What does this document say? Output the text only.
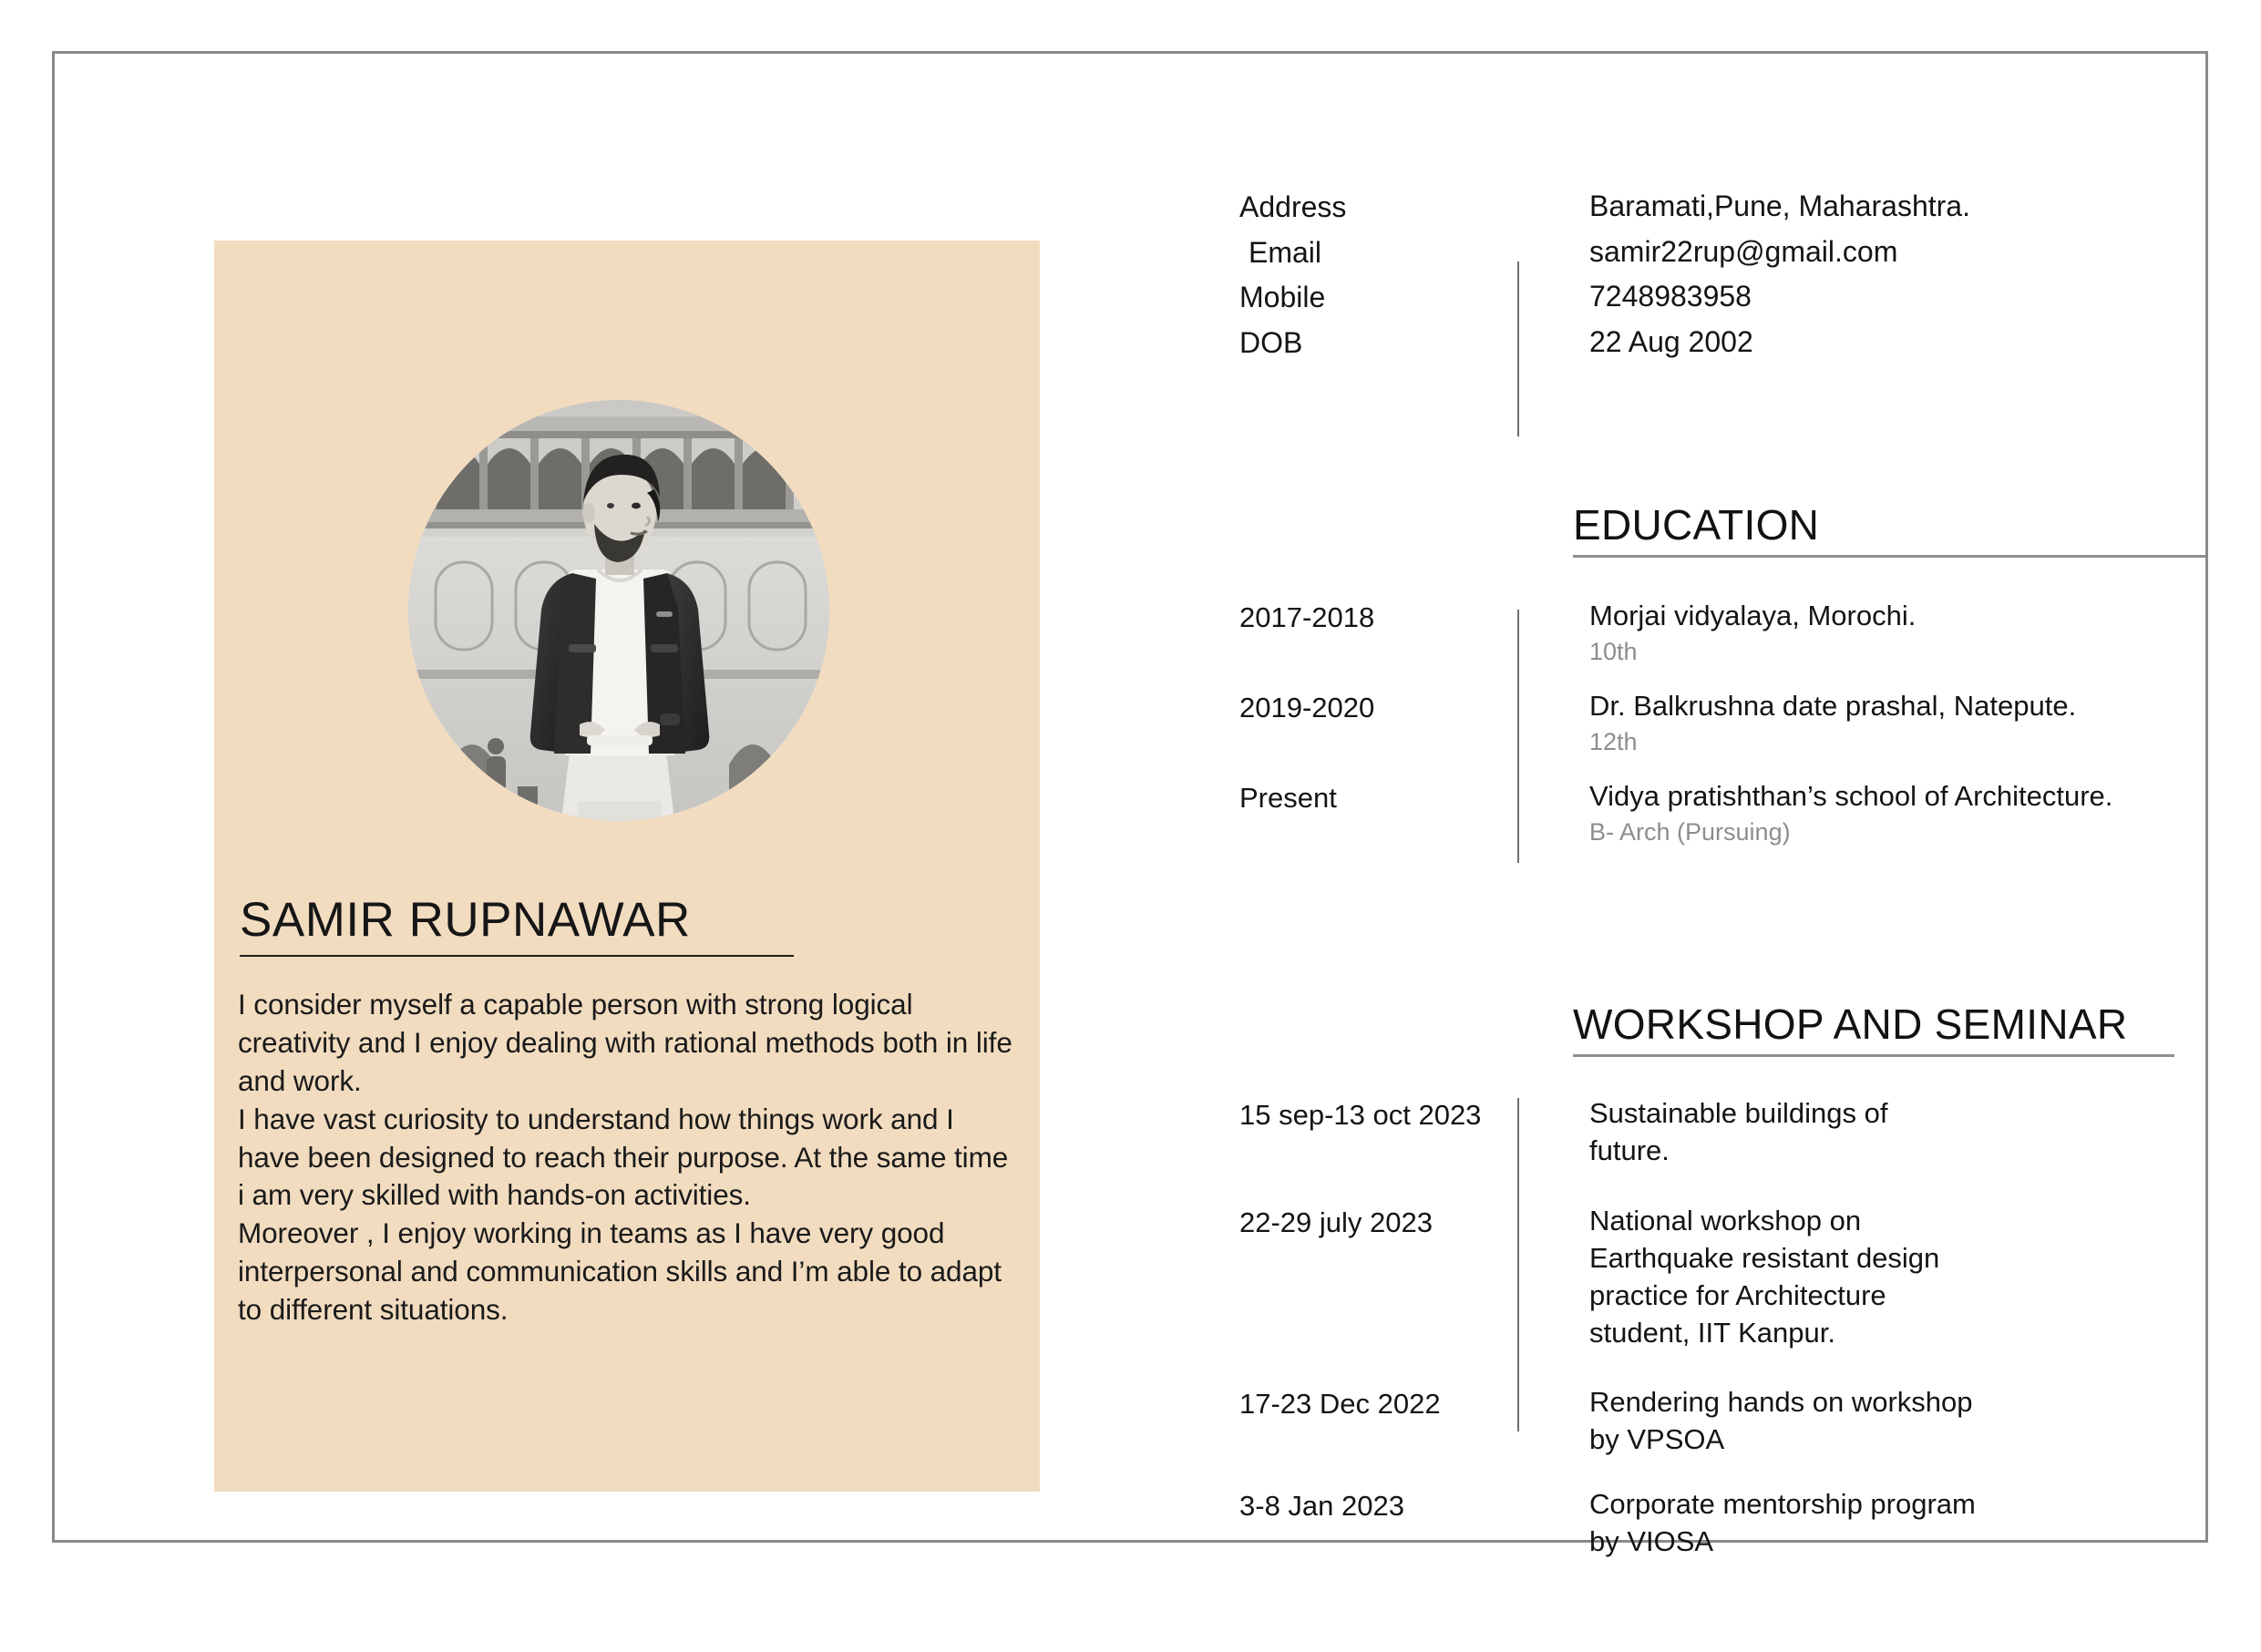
SAMIR RUPNAWAR

I consider myself a capable person with strong logical creativity and I enjoy dealing with rational methods both in life and work.

I have vast curiosity to understand how things work and I have been designed to reach their purpose. At the same time i am very skilled with hands-on activities.

Moreover , I enjoy working in teams as I have very good interpersonal and communication skills and I’m able to adapt to different situations.

Address	Baramati,Pune, Maharashtra.
Email	samir22rup@gmail.com
Mobile	7248983958
DOB	22 Aug 2002
EDUCATION
2017-2018	Morjai vidyalaya, Morochi.
10th
2019-2020	Dr. Balkrushna date prashal, Natepute.
12th
Present	Vidya pratishthan’s school of Architecture.
B- Arch (Pursuing)
WORKSHOP AND SEMINAR
15 sep-13 oct 2023	Sustainable buildings of future.
22-29 july 2023	National workshop on Earthquake resistant design practice for Architecture student, IIT Kanpur.
17-23 Dec 2022	Rendering hands on workshop by VPSOA
3-8 Jan 2023	Corporate mentorship program by VIOSA
